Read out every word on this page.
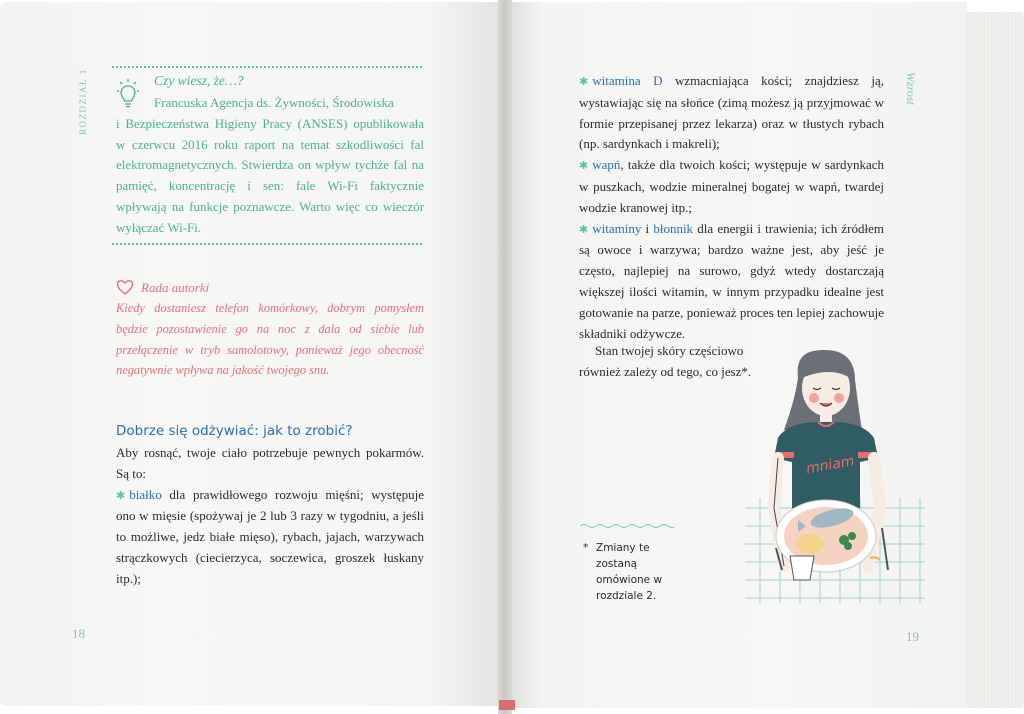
ROZDZIAŁ 1	Czy wiesz, że…?
Francuska Agencja ds. Żywności, Środowiska
i Bezpieczeństwa Higieny Pracy (ANSES) opublikowała w czerwcu 2016 roku raport na temat szkodliwości fal elektromagnetycznych. Stwierdza on wpływ tychże fal na pamięć, koncentrację i sen: fale Wi-Fi faktycznie wpływają na funkcje poznawcze. Warto więc co wieczór wyłączać Wi-Fi.
Rada autorki
Kiedy dostaniesz telefon komórkowy, dobrym pomysłem będzie pozostawienie go na noc z dala od siebie lub przełączenie w tryb samolotowy, ponieważ jego obecność negatywnie wpływa na jakość twojego snu.
Dobrze się odżywiać: jak to zrobić?
Aby rosnąć, twoje ciało potrzebuje pewnych pokarmów. Są to:
✱ białko dla prawidłowego rozwoju mięśni; występuje ono w mięsie (spożywaj je 2 lub 3 razy w tygodniu, a jeśli to możliwe, jedz białe mięso), rybach, jajach, warzywach strączkowych (ciecierzyca, soczewica, groszek łuskany itp.);
18
Wzrost
✱ witamina D wzmacniająca kości; znajdziesz ją, wystawiając się na słońce (zimą możesz ją przyjmować w formie przepisanej przez lekarza) oraz w tłustych rybach (np. sardynkach i makreli);
✱ wapń, także dla twoich kości; występuje w sardynkach w puszkach, wodzie mineralnej bogatej w wapń, twardej wodzie kranowej itp.;
✱ witaminy i błonnik dla energii i trawienia; ich źródłem są owoce i warzywa; bardzo ważne jest, aby jeść je często, najlepiej na surowo, gdyż wtedy dostarczają większej ilości witamin, w innym przypadku idealne jest gotowanie na parze, ponieważ proces ten lepiej zachowuje składniki odżywcze.
Stan twojej skóry częściowo
również zależy od tego, co jesz*.
* Zmiany te zostaną omówione w rozdziale 2.
mniam
19
